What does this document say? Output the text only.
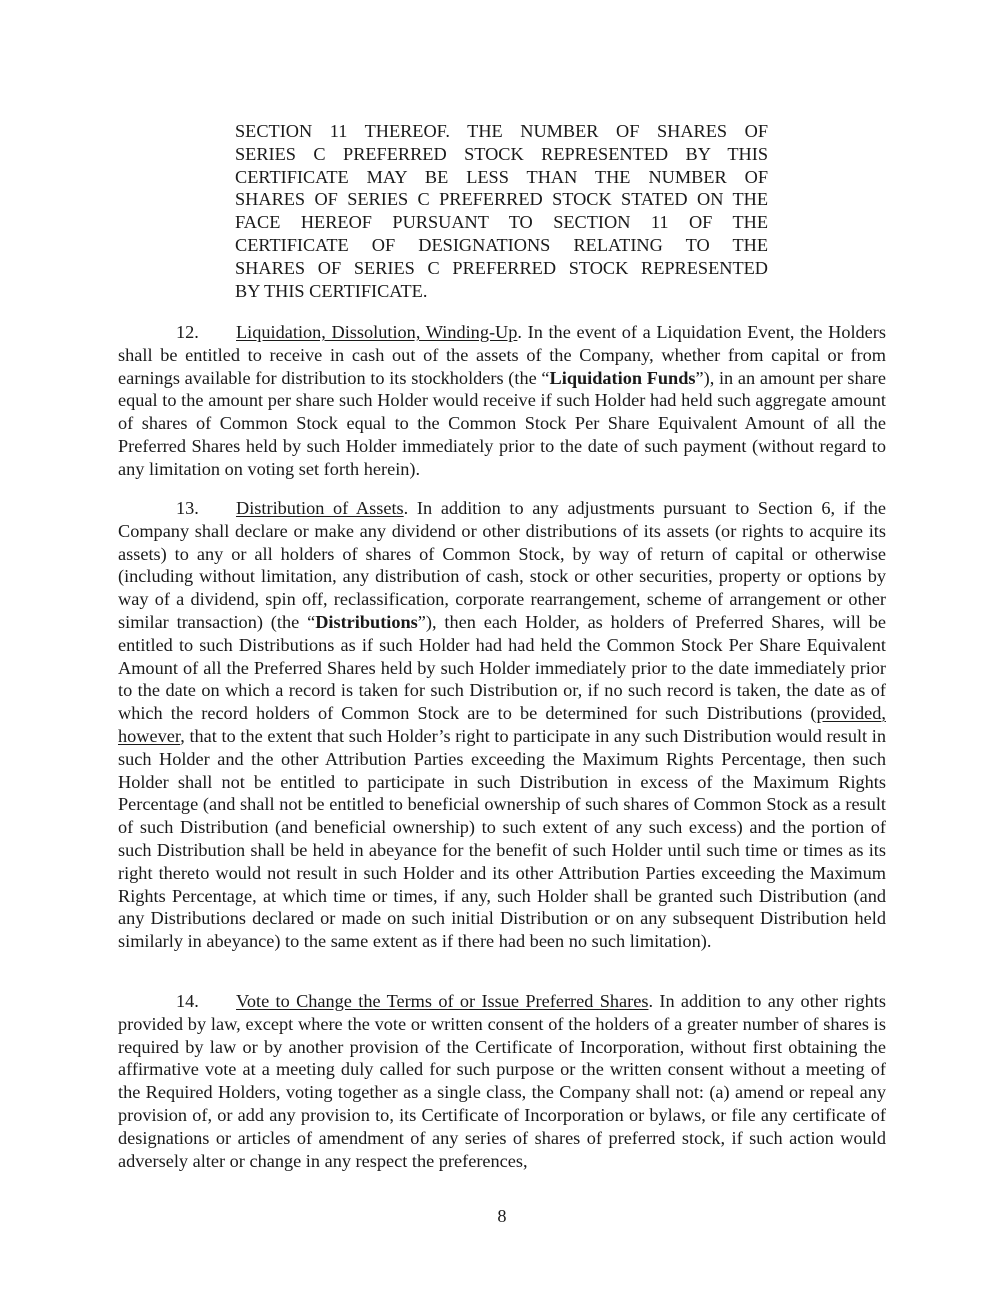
SECTION 11 THEREOF. THE NUMBER OF SHARES OF
SERIES C PREFERRED STOCK REPRESENTED BY THIS
CERTIFICATE MAY BE LESS THAN THE NUMBER OF
SHARES OF SERIES C PREFERRED STOCK STATED ON THE
FACE HEREOF PURSUANT TO SECTION 11 OF THE
CERTIFICATE OF DESIGNATIONS RELATING TO THE
SHARES OF SERIES C PREFERRED STOCK REPRESENTED
BY THIS CERTIFICATE.

12. Liquidation, Dissolution, Winding-Up. In the event of a Liquidation Event, the Holders shall be entitled to receive in cash out of the assets of the Company, whether from capital or from earnings available for distribution to its stockholders (the “Liquidation Funds”), in an amount per share equal to the amount per share such Holder would receive if such Holder had held such aggregate amount of shares of Common Stock equal to the Common Stock Per Share Equivalent Amount of all the Preferred Shares held by such Holder immediately prior to the date of such payment (without regard to any limitation on voting set forth herein).

13. Distribution of Assets. In addition to any adjustments pursuant to Section 6, if the Company shall declare or make any dividend or other distributions of its assets (or rights to acquire its assets) to any or all holders of shares of Common Stock, by way of return of capital or otherwise (including without limitation, any distribution of cash, stock or other securities, property or options by way of a dividend, spin off, reclassification, corporate rearrangement, scheme of arrangement or other similar transaction) (the “Distributions”), then each Holder, as holders of Preferred Shares, will be entitled to such Distributions as if such Holder had had held the Common Stock Per Share Equivalent Amount of all the Preferred Shares held by such Holder immediately prior to the date immediately prior to the date on which a record is taken for such Distribution or, if no such record is taken, the date as of which the record holders of Common Stock are to be determined for such Distributions (provided, however, that to the extent that such Holder’s right to participate in any such Distribution would result in such Holder and the other Attribution Parties exceeding the Maximum Rights Percentage, then such Holder shall not be entitled to participate in such Distribution in excess of the Maximum Rights Percentage (and shall not be entitled to beneficial ownership of such shares of Common Stock as a result of such Distribution (and beneficial ownership) to such extent of any such excess) and the portion of such Distribution shall be held in abeyance for the benefit of such Holder until such time or times as its right thereto would not result in such Holder and its other Attribution Parties exceeding the Maximum Rights Percentage, at which time or times, if any, such Holder shall be granted such Distribution (and any Distributions declared or made on such initial Distribution or on any subsequent Distribution held similarly in abeyance) to the same extent as if there had been no such limitation).

14. Vote to Change the Terms of or Issue Preferred Shares. In addition to any other rights provided by law, except where the vote or written consent of the holders of a greater number of shares is required by law or by another provision of the Certificate of Incorporation, without first obtaining the affirmative vote at a meeting duly called for such purpose or the written consent without a meeting of the Required Holders, voting together as a single class, the Company shall not: (a) amend or repeal any provision of, or add any provision to, its Certificate of Incorporation or bylaws, or file any certificate of designations or articles of amendment of any series of shares of preferred stock, if such action would adversely alter or change in any respect the preferences,

8
